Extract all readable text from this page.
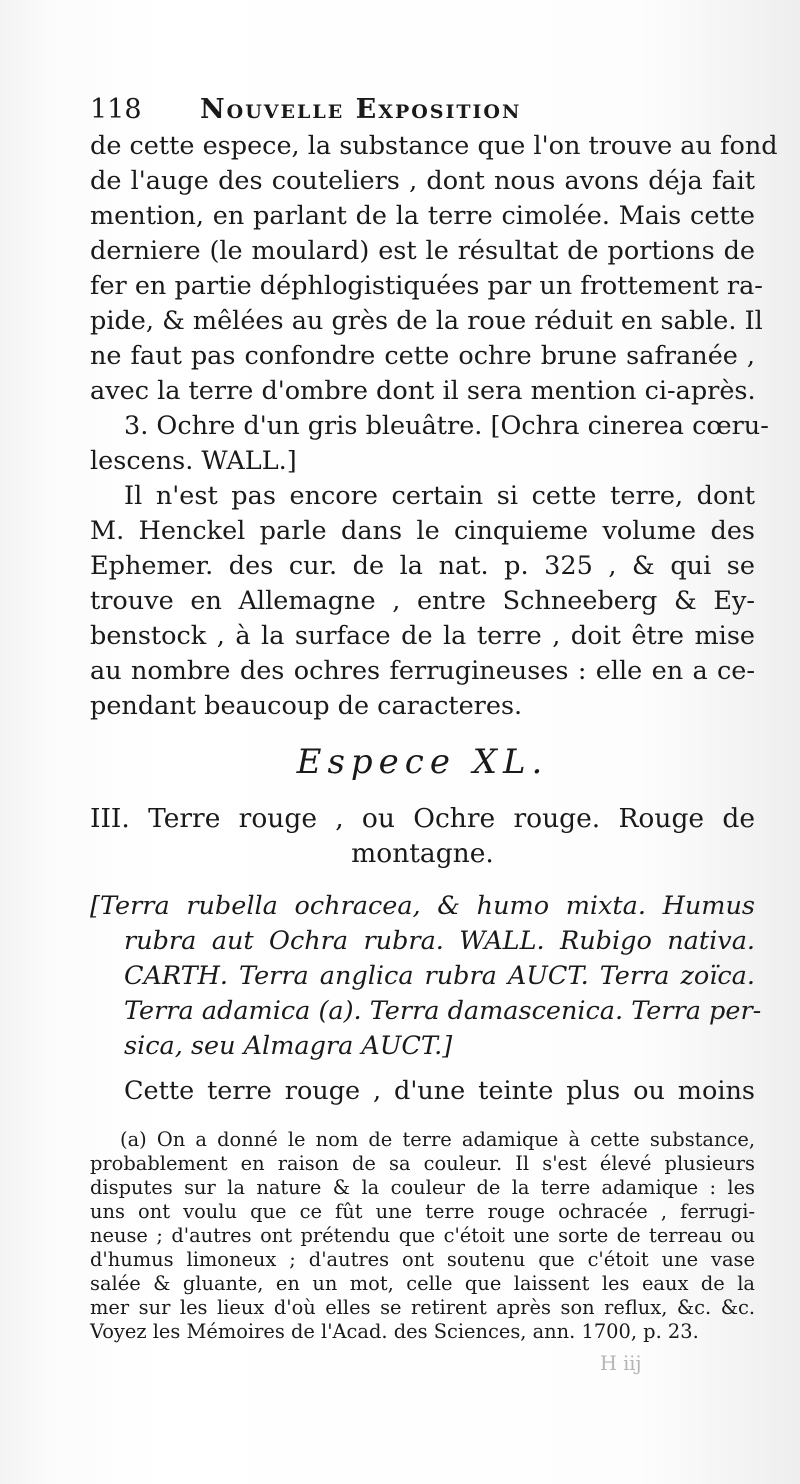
118 Nouvelle Exposition
de cette espece, la substance que l'on trouve au fond
de l'auge des couteliers , dont nous avons déja fait
mention, en parlant de la terre cimolée. Mais cette
derniere (le moulard) est le résultat de portions de
fer en partie déphlogistiquées par un frottement ra-
pide, & mêlées au grès de la roue réduit en sable. Il
ne faut pas confondre cette ochre brune safranée ,
avec la terre d'ombre dont il sera mention ci-après.
3. Ochre d'un gris bleuâtre. [Ochra cinerea cœru-
lescens. WALL.]
Il n'est pas encore certain si cette terre, dont
M. Henckel parle dans le cinquieme volume des
Ephemer. des cur. de la nat. p. 325 , & qui se
trouve en Allemagne , entre Schneeberg & Ey-
benstock , à la surface de la terre , doit être mise
au nombre des ochres ferrugineuses : elle en a ce-
pendant beaucoup de caracteres.
Espece XL.
III. Terre rouge , ou Ochre rouge. Rouge de
montagne.
[Terra rubella ochracea, & humo mixta. Humus
rubra aut Ochra rubra. WALL. Rubigo nativa.
CARTH. Terra anglica rubra AUCT. Terra zoïca.
Terra adamica (a). Terra damascenica. Terra per-
sica, seu Almagra AUCT.]
Cette terre rouge , d'une teinte plus ou moins
(a) On a donné le nom de terre adamique à cette substance,
probablement en raison de sa couleur. Il s'est élevé plusieurs
disputes sur la nature & la couleur de la terre adamique : les
uns ont voulu que ce fût une terre rouge ochracée , ferrugi-
neuse ; d'autres ont prétendu que c'étoit une sorte de terreau ou
d'humus limoneux ; d'autres ont soutenu que c'étoit une vase
salée & gluante, en un mot, celle que laissent les eaux de la
mer sur les lieux d'où elles se retirent après son reflux, &c. &c.
Voyez les Mémoires de l'Acad. des Sciences, ann. 1700, p. 23.
H iij
